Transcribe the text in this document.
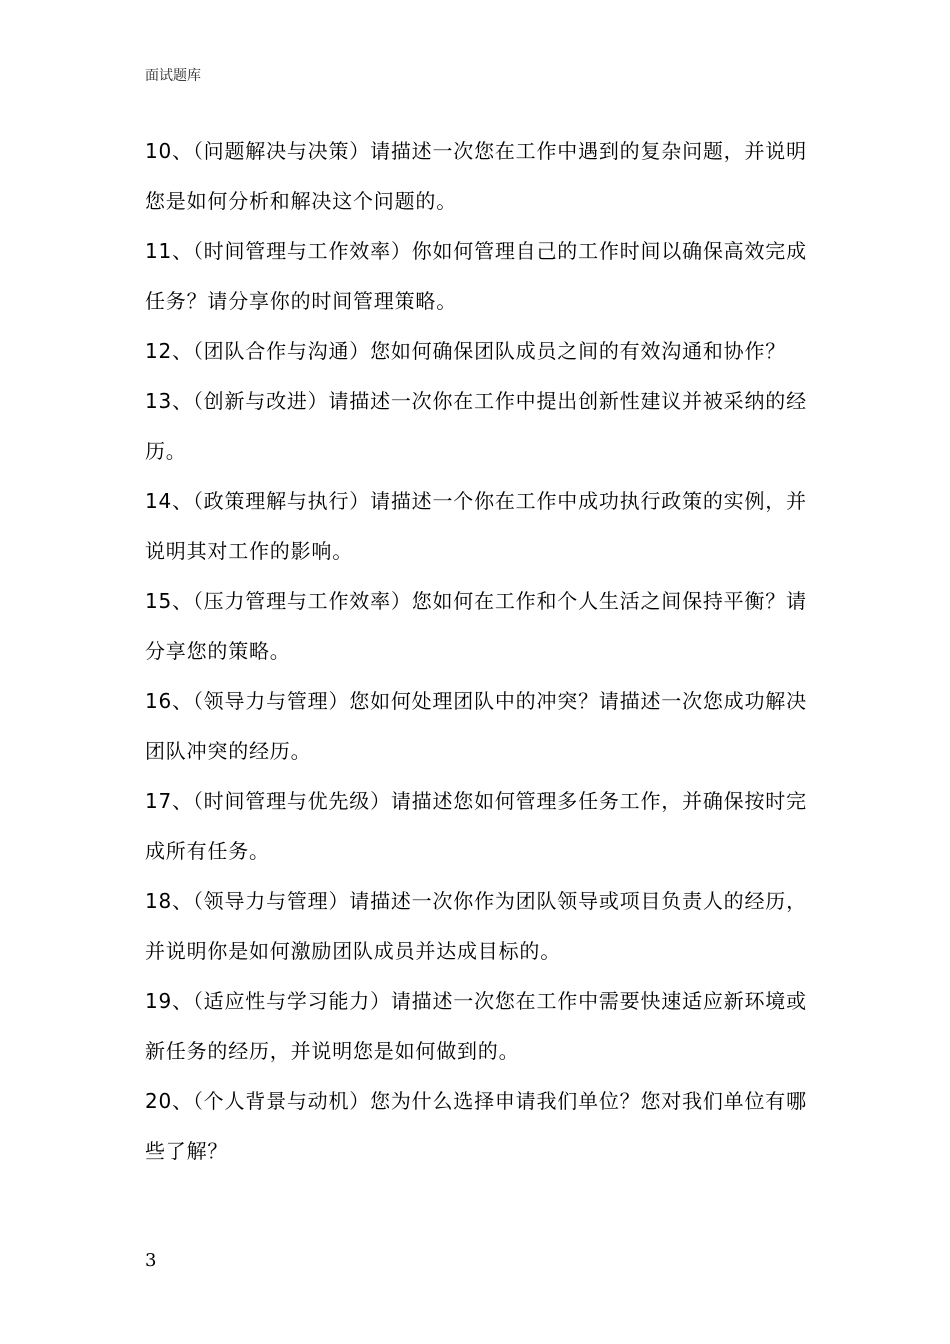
面试题库
10、（问题解决与决策）请描述一次您在工作中遇到的复杂问题，并说明您是如何分析和解决这个问题的。
11、（时间管理与工作效率）你如何管理自己的工作时间以确保高效完成任务？请分享你的时间管理策略。
12、（团队合作与沟通）您如何确保团队成员之间的有效沟通和协作？
13、（创新与改进）请描述一次你在工作中提出创新性建议并被采纳的经历。
14、（政策理解与执行）请描述一个你在工作中成功执行政策的实例，并说明其对工作的影响。
15、（压力管理与工作效率）您如何在工作和个人生活之间保持平衡？请分享您的策略。
16、（领导力与管理）您如何处理团队中的冲突？请描述一次您成功解决团队冲突的经历。
17、（时间管理与优先级）请描述您如何管理多任务工作，并确保按时完成所有任务。
18、（领导力与管理）请描述一次你作为团队领导或项目负责人的经历，并说明你是如何激励团队成员并达成目标的。
19、（适应性与学习能力）请描述一次您在工作中需要快速适应新环境或新任务的经历，并说明您是如何做到的。
20、（个人背景与动机）您为什么选择申请我们单位？您对我们单位有哪些了解？
3
